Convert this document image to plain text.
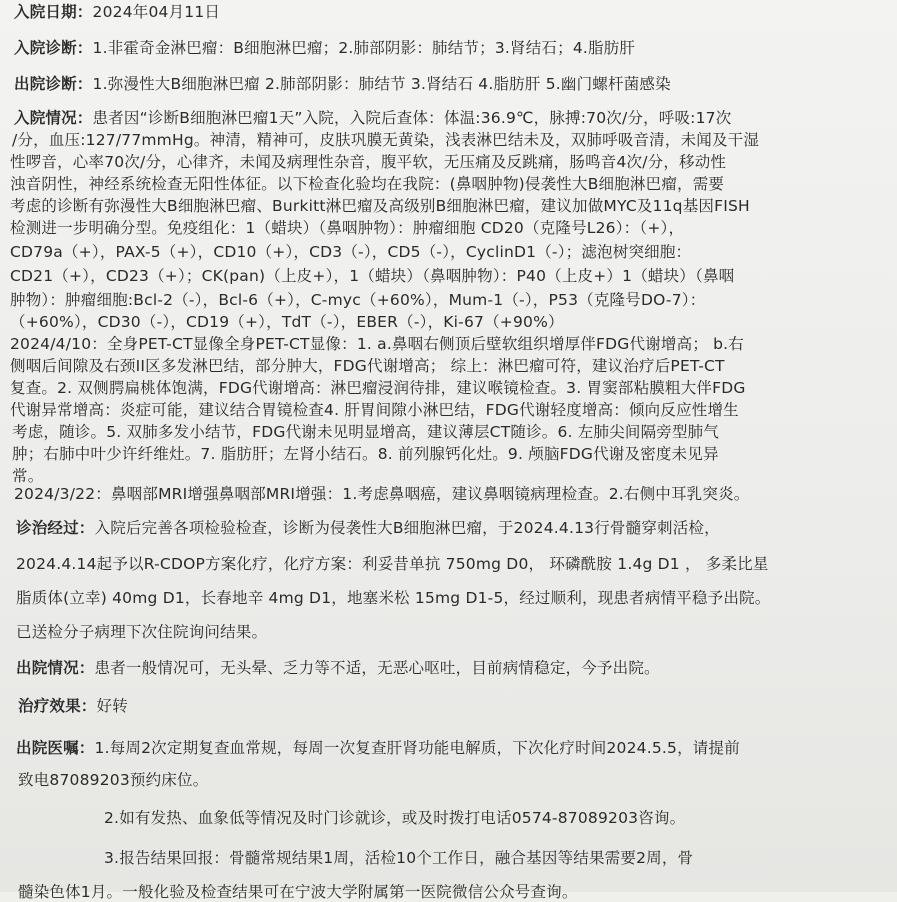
入院日期：2024年04月11日
入院诊断：1.非霍奇金淋巴瘤：B细胞淋巴瘤；2.肺部阴影：肺结节；3.肾结石；4.脂肪肝
出院诊断：1.弥漫性大B细胞淋巴瘤 2.肺部阴影：肺结节 3.肾结石 4.脂肪肝 5.幽门螺杆菌感染
入院情况：患者因“诊断B细胞淋巴瘤1天”入院，入院后查体：体温:36.9℃，脉搏:70次/分，呼吸:17次
/分，血压:127/77mmHg。神清，精神可，皮肤巩膜无黄染，浅表淋巴结未及，双肺呼吸音清，未闻及干湿
性啰音，心率70次/分，心律齐，未闻及病理性杂音，腹平软，无压痛及反跳痛，肠鸣音4次/分，移动性
浊音阴性，神经系统检查无阳性体征。以下检查化验均在我院：(鼻咽肿物)侵袭性大B细胞淋巴瘤，需要
考虑的诊断有弥漫性大B细胞淋巴瘤、Burkitt淋巴瘤及高级别B细胞淋巴瘤，建议加做MYC及11q基因FISH
检测进一步明确分型。免疫组化：1（蜡块）（鼻咽肿物）：肿瘤细胞 CD20（克隆号L26）：（+），
CD79a（+），PAX-5（+），CD10（+），CD3（-），CD5（-），CyclinD1（-）；滤泡树突细胞：
CD21（+），CD23（+）；CK(pan)（上皮+），1（蜡块）（鼻咽肿物）：P40（上皮+）1（蜡块）（鼻咽
肿物）：肿瘤细胞:Bcl-2（-），Bcl-6（+），C-myc（+60%），Mum-1（-），P53（克隆号DO-7）：
（+60%），CD30（-），CD19（+），TdT（-），EBER（-），Ki-67（+90%）
2024/4/10：全身PET-CT显像全身PET-CT显像：1. a.鼻咽右侧顶后壁软组织增厚伴FDG代谢增高； b.右
侧咽后间隙及右颈II区多发淋巴结，部分肿大，FDG代谢增高； 综上：淋巴瘤可符，建议治疗后PET-CT
复查。2. 双侧腭扁桃体饱满，FDG代谢增高：淋巴瘤浸润待排，建议喉镜检查。3. 胃窦部粘膜粗大伴FDG
代谢异常增高：炎症可能，建议结合胃镜检查4. 肝胃间隙小淋巴结，FDG代谢轻度增高：倾向反应性增生
考虑，随诊。5. 双肺多发小结节，FDG代谢未见明显增高，建议薄层CT随诊。6. 左肺尖间隔旁型肺气
肿；右肺中叶少许纤维灶。7. 脂肪肝；左肾小结石。8. 前列腺钙化灶。9. 颅脑FDG代谢及密度未见异
常。
2024/3/22：鼻咽部MRI增强鼻咽部MRI增强：1.考虑鼻咽癌，建议鼻咽镜病理检查。2.右侧中耳乳突炎。
诊治经过：入院后完善各项检验检查，诊断为侵袭性大B细胞淋巴瘤，于2024.4.13行骨髓穿刺活检，
2024.4.14起予以R-CDOP方案化疗，化疗方案：利妥昔单抗 750mg D0， 环磷酰胺 1.4g D1 ， 多柔比星
脂质体(立幸) 40mg D1，长春地辛 4mg D1，地塞米松 15mg D1-5，经过顺利，现患者病情平稳予出院。
已送检分子病理下次住院询问结果。
出院情况：患者一般情况可，无头晕、乏力等不适，无恶心呕吐，目前病情稳定，今予出院。
治疗效果：好转
出院医嘱：1.每周2次定期复查血常规，每周一次复查肝肾功能电解质，下次化疗时间2024.5.5，请提前
致电87089203预约床位。
2.如有发热、血象低等情况及时门诊就诊，或及时拨打电话0574-87089203咨询。
3.报告结果回报：骨髓常规结果1周，活检10个工作日，融合基因等结果需要2周，骨
髓染色体1月。一般化验及检查结果可在宁波大学附属第一医院微信公众号查询。
